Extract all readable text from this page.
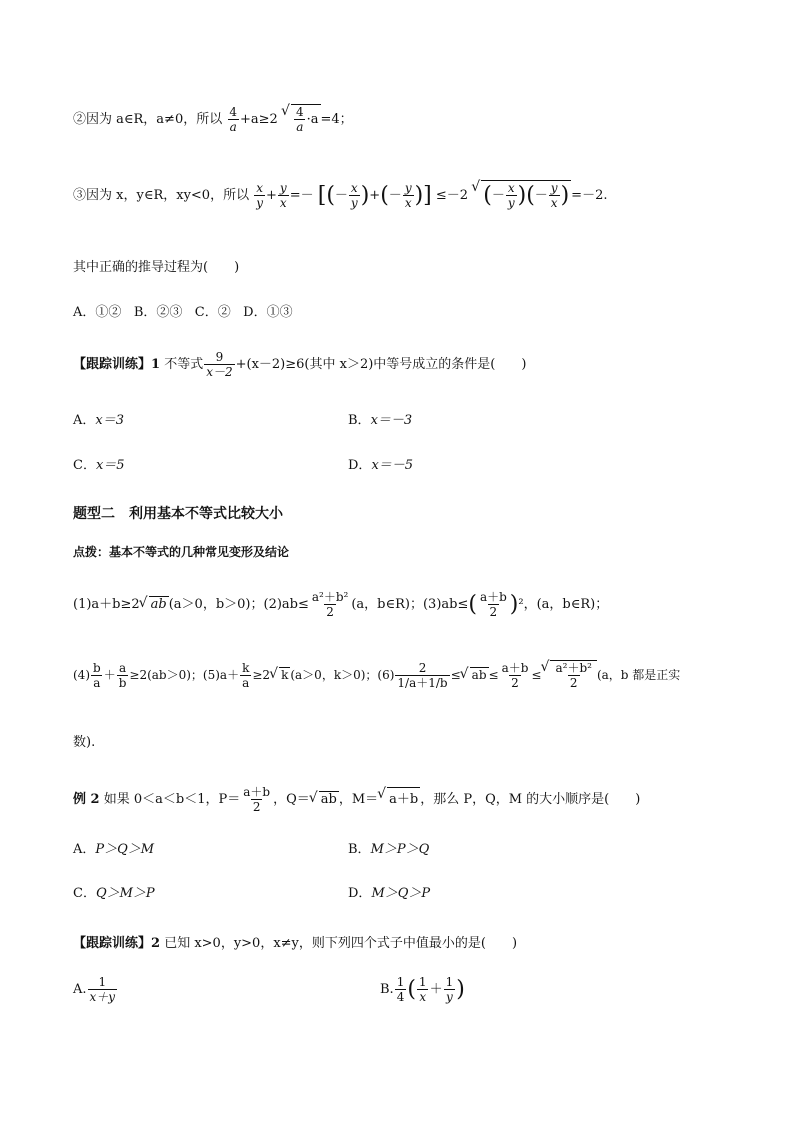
②因为 a∈R，a≠0，所以 $\frac{4}{a} +a\ge 2$
√ $\frac{4}{a} \cdot a =4$；
③因为 x，y∈R，xy<0，所以 $\frac{x}{y} + \frac{y}{x}$ =－ [(－ $\frac{x}{y}$ )+(－ $\frac{y}{x}$ )] ≤－2 √ (－ $\frac{x}{y}$ )(－ $\frac{y}{x}$ ) =－2.
其中正确的推导过程为(　　)
A．①② B．②③ C．② D．①③
【跟踪训练】1 不等式 $\frac{9}{x-2} +(x-2)\ge 6$(其中 x＞2)中等号成立的条件是(　　)
A．x＝3	B．x＝－3
C．x＝5	D．x＝－5
题型二　利用基本不等式比较大小
点拨：基本不等式的几种常见变形及结论
(1)a＋b≥2√ ab (a＞0，b＞0)；$(2)ab\le \frac{\text{a²＋b²}}{2} (a$，b∈R)；$(3)ab\le( \frac{a+b}{2} )^2$，(a，b∈R)；
$(4) \frac{b}{a} + \frac{a}{b} \ge 2(ab>0)$；$(5)a+ \frac{k}{a} \ge 2√$ k (a＞0，k＞0)；$(6) \frac{2}{1/a+1/b}$ ≤√ ab ≤ $\frac{a+b}{2}$ ≤
√ $\frac{\text{a²＋b²}}{2} (a$，b 都是正实
数).
例 2 如果 0＜a＜b＜1，$P= \frac{a+b}{2}$ ，Q＝√ ab ，M＝√ a＋b ，那么 P，Q，M 的大小顺序是(　　)
A．P＞Q＞M	B．M＞P＞Q
C．Q＞M＞P	D．M＞Q＞P
【跟踪训练】2 已知 x>0，y>0，x≠y，则下列四个式子中值最小的是(　　)
A. $\frac{1}{x+y}$	B. $\frac{1}{4}$ ( $\frac{1}{x} + \frac{1}{y}$ )
